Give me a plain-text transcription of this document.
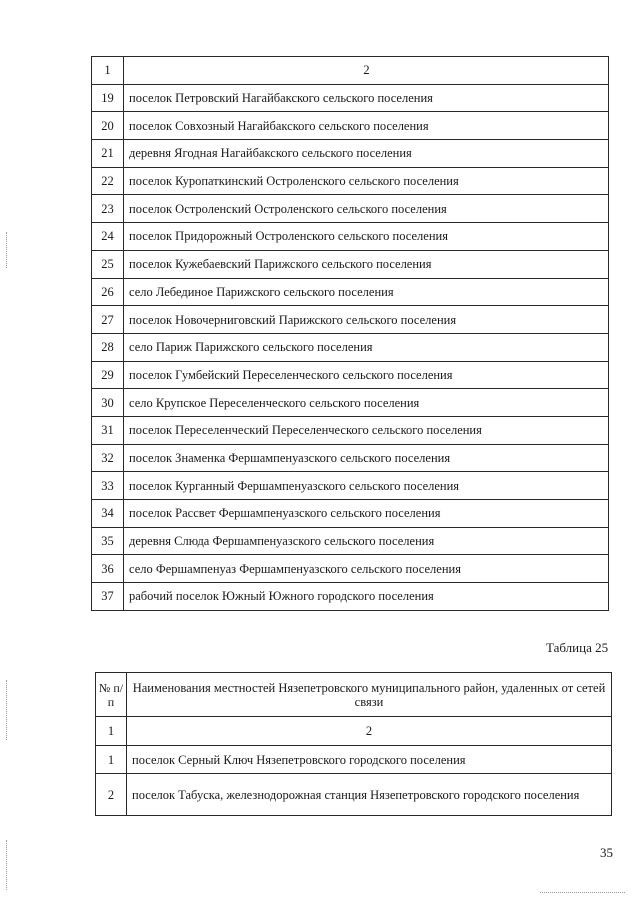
1	2
19	поселок Петровский Нагайбакского сельского поселения
20	поселок Совхозный Нагайбакского сельского поселения
21	деревня Ягодная Нагайбакского сельского поселения
22	поселок Куропаткинский Остроленского сельского поселения
23	поселок Остроленский Остроленского сельского поселения
24	поселок Придорожный Остроленского сельского поселения
25	поселок Кужебаевский Парижского сельского поселения
26	село Лебединое Парижского сельского поселения
27	поселок Новочерниговский Парижского сельского поселения
28	село Париж Парижского сельского поселения
29	поселок Гумбейский Переселенческого сельского поселения
30	село Крупское Переселенческого сельского поселения
31	поселок Переселенческий Переселенческого сельского поселения
32	поселок Знаменка Фершампенуазского сельского поселения
33	поселок Курганный Фершампенуазского сельского поселения
34	поселок Рассвет Фершампенуазского сельского поселения
35	деревня Слюда Фершампенуазского сельского поселения
36	село Фершампенуаз Фершампенуазского сельского поселения
37	рабочий поселок Южный Южного городского поселения
Таблица 25
№ п/п	Наименования местностей Нязепетровского муниципального район, удаленных от сетей связи
1	2
1	поселок Серный Ключ Нязепетровского городского поселения
2	поселок Табуска, железнодорожная станция Нязепетровского городского поселения
35
